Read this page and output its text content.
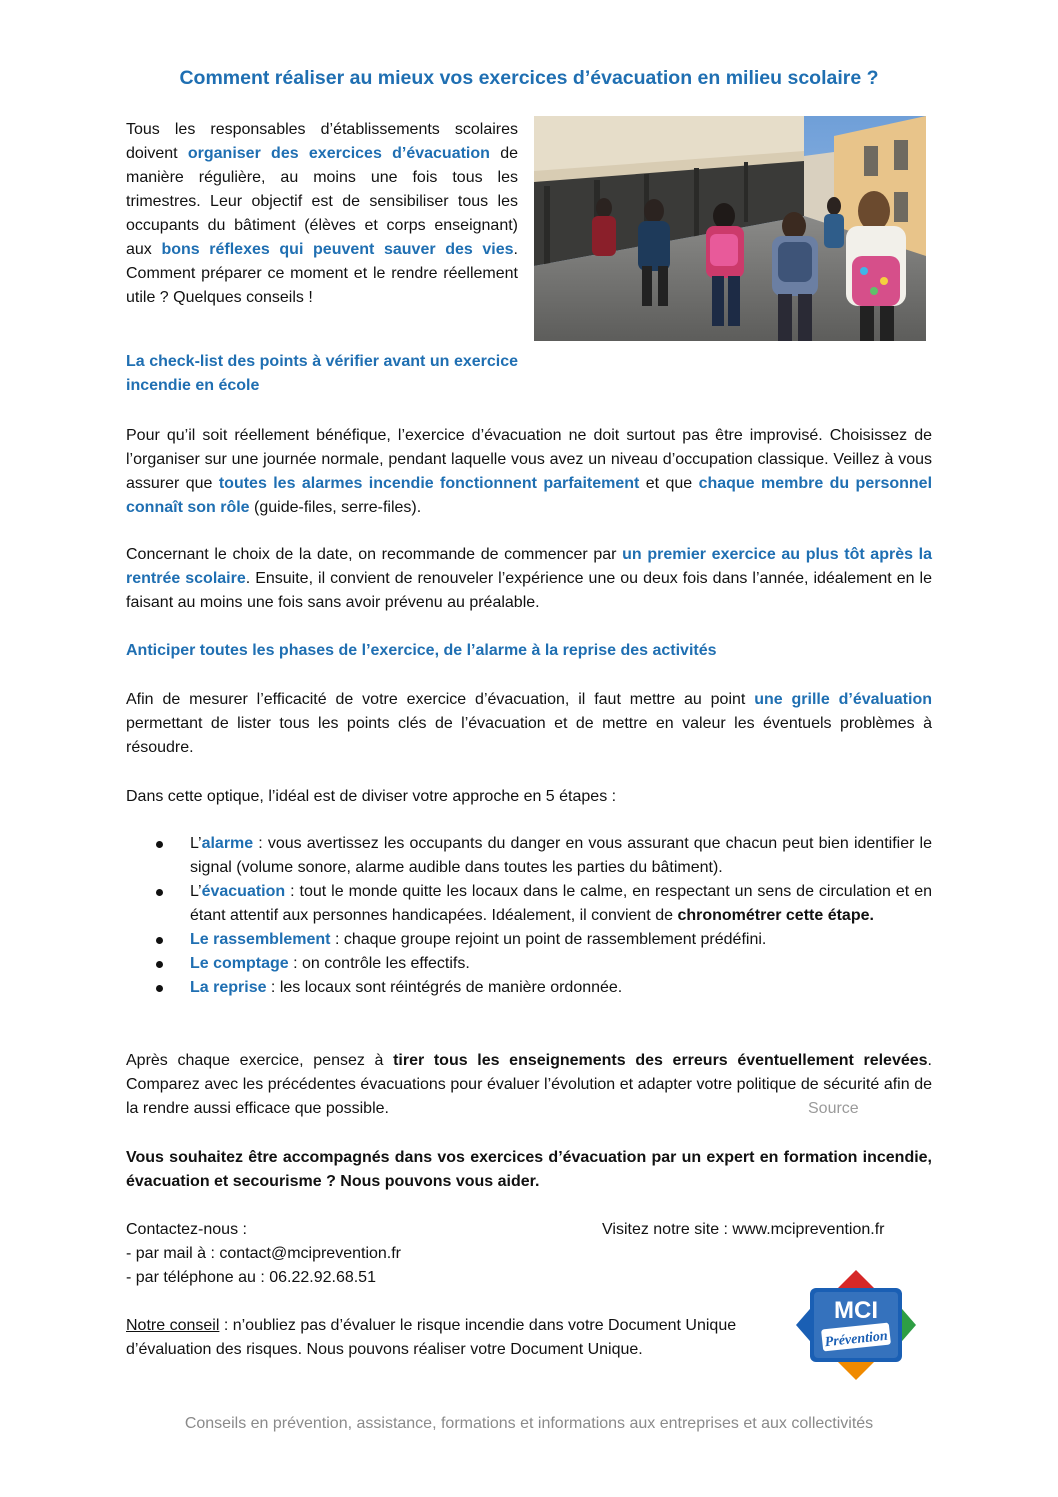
Comment réaliser au mieux vos exercices d’évacuation en milieu scolaire ?

Tous les responsables d’établissements scolaires doivent organiser des exercices d’évacuation de manière régulière, au moins une fois tous les trimestres. Leur objectif est de sensibiliser tous les occupants du bâtiment (élèves et corps enseignant) aux bons réflexes qui peuvent sauver des vies. Comment préparer ce moment et le rendre réellement utile ? Quelques conseils !

La check-list des points à vérifier avant un exercice incendie en école

Pour qu’il soit réellement bénéfique, l’exercice d’évacuation ne doit surtout pas être improvisé. Choisissez de l’organiser sur une journée normale, pendant laquelle vous avez un niveau d’occupation classique. Veillez à vous assurer que toutes les alarmes incendie fonctionnent parfaitement et que chaque membre du personnel connaît son rôle (guide-files, serre-files).

Concernant le choix de la date, on recommande de commencer par un premier exercice au plus tôt après la rentrée scolaire. Ensuite, il convient de renouveler l’expérience une ou deux fois dans l’année, idéalement en le faisant au moins une fois sans avoir prévenu au préalable.

Anticiper toutes les phases de l’exercice, de l’alarme à la reprise des activités

Afin de mesurer l’efficacité de votre exercice d’évacuation, il faut mettre au point une grille d’évaluation permettant de lister tous les points clés de l’évacuation et de mettre en valeur les éventuels problèmes à résoudre.

Dans cette optique, l’idéal est de diviser votre approche en 5 étapes :

L’alarme : vous avertissez les occupants du danger en vous assurant que chacun peut bien identifier le signal (volume sonore, alarme audible dans toutes les parties du bâtiment).
L’évacuation : tout le monde quitte les locaux dans le calme, en respectant un sens de circulation et en étant attentif aux personnes handicapées. Idéalement, il convient de chronométrer cette étape.
Le rassemblement : chaque groupe rejoint un point de rassemblement prédéfini.
Le comptage : on contrôle les effectifs.
La reprise : les locaux sont réintégrés de manière ordonnée.

Après chaque exercice, pensez à tirer tous les enseignements des erreurs éventuellement relevées. Comparez avec les précédentes évacuations pour évaluer l’évolution et adapter votre politique de sécurité afin de la rendre aussi efficace que possible.	Source

Vous souhaitez être accompagnés dans vos exercices d’évacuation par un expert en formation incendie, évacuation et secourisme ? Nous pouvons vous aider.

Contactez-nous :
- par mail à : contact@mciprevention.fr
- par téléphone au : 06.22.92.68.51
Visitez notre site : www.mciprevention.fr
Notre conseil : n’oubliez pas d’évaluer le risque incendie dans votre Document Unique d’évaluation des risques. Nous pouvons réaliser votre Document Unique.
MCI
Prévention
Conseils en prévention, assistance, formations et informations aux entreprises et aux collectivités
